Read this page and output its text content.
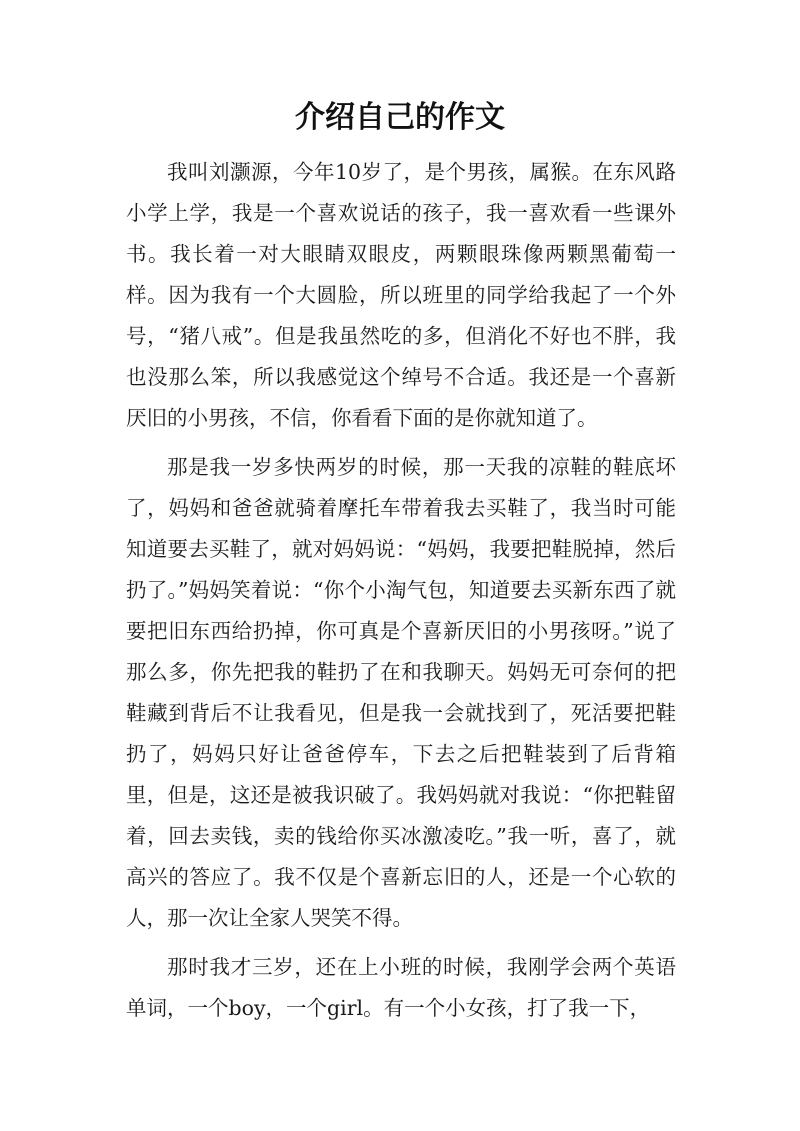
介绍自己的作文

我叫刘灏源，今年10岁了，是个男孩，属猴。在东风路小学上学，我是一个喜欢说话的孩子，我一喜欢看一些课外书。我长着一对大眼睛双眼皮，两颗眼珠像两颗黑葡萄一样。因为我有一个大圆脸，所以班里的同学给我起了一个外号，“猪八戒”。但是我虽然吃的多，但消化不好也不胖，我也没那么笨，所以我感觉这个绰号不合适。我还是一个喜新厌旧的小男孩，不信，你看看下面的是你就知道了。

那是我一岁多快两岁的时候，那一天我的凉鞋的鞋底坏了，妈妈和爸爸就骑着摩托车带着我去买鞋了，我当时可能知道要去买鞋了，就对妈妈说：“妈妈，我要把鞋脱掉，然后扔了。”妈妈笑着说：“你个小淘气包，知道要去买新东西了就要把旧东西给扔掉，你可真是个喜新厌旧的小男孩呀。”说了那么多，你先把我的鞋扔了在和我聊天。妈妈无可奈何的把鞋藏到背后不让我看见，但是我一会就找到了，死活要把鞋扔了，妈妈只好让爸爸停车，下去之后把鞋装到了后背箱里，但是，这还是被我识破了。我妈妈就对我说：“你把鞋留着，回去卖钱，卖的钱给你买冰激凌吃。”我一听，喜了，就高兴的答应了。我不仅是个喜新忘旧的人，还是一个心软的人，那一次让全家人哭笑不得。

那时我才三岁，还在上小班的时候，我刚学会两个英语单词，一个boy，一个girl。有一个小女孩，打了我一下，
